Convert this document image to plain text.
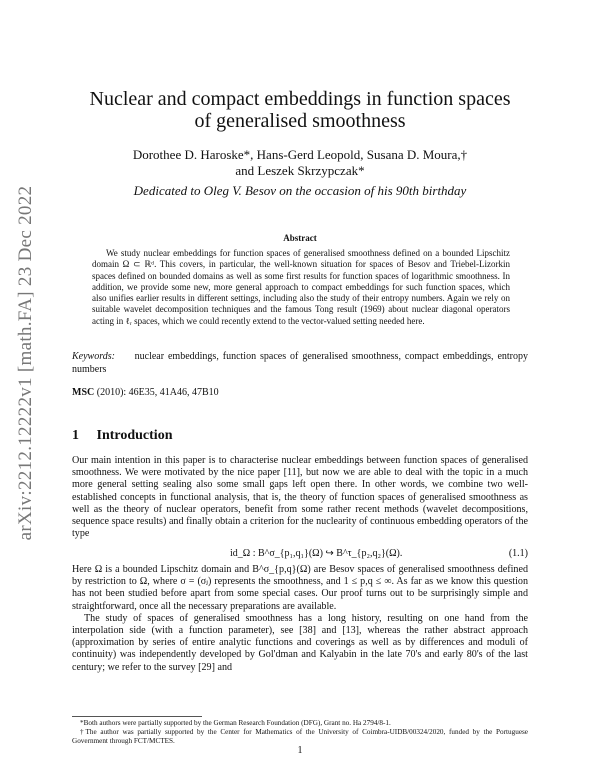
arXiv:2212.12222v1 [math.FA] 23 Dec 2022
Nuclear and compact embeddings in function spaces
of generalised smoothness
Dorothee D. Haroske*, Hans-Gerd Leopold, Susana D. Moura,†
and Leszek Skrzypczak*
Dedicated to Oleg V. Besov on the occasion of his 90th birthday
Abstract
We study nuclear embeddings for function spaces of generalised smoothness defined on a bounded Lipschitz domain Ω ⊂ ℝᵈ. This covers, in particular, the well-known situation for spaces of Besov and Triebel-Lizorkin spaces defined on bounded domains as well as some first results for function spaces of logarithmic smoothness. In addition, we provide some new, more general approach to compact embeddings for such function spaces, which also unifies earlier results in different settings, including also the study of their entropy numbers. Again we rely on suitable wavelet decomposition techniques and the famous Tong result (1969) about nuclear diagonal operators acting in ℓᵣ spaces, which we could recently extend to the vector-valued setting needed here.
Keywords: nuclear embeddings, function spaces of generalised smoothness, compact embeddings, entropy numbers
MSC (2010): 46E35, 41A46, 47B10
1 Introduction

Our main intention in this paper is to characterise nuclear embeddings between function spaces of generalised smoothness. We were motivated by the nice paper [11], but now we are able to deal with the topic in a much more general setting sealing also some small gaps left open there. In other words, we combine two well-established concepts in functional analysis, that is, the theory of function spaces of generalised smoothness as well as the theory of nuclear operators, benefit from some rather recent methods (wavelet decompositions, sequence space results) and finally obtain a criterion for the nuclearity of continuous embedding operators of the type

id_Ω : B^σ_{p₁,q₁}(Ω) ↪ B^τ_{p₂,q₂}(Ω).	(1.1)

Here Ω is a bounded Lipschitz domain and B^σ_{p,q}(Ω) are Besov spaces of generalised smoothness defined by restriction to Ω, where σ = (σⱼ) represents the smoothness, and 1 ≤ p,q ≤ ∞. As far as we know this question has not been studied before apart from some special cases. Our proof turns out to be surprisingly simple and straightforward, once all the necessary preparations are available.

The study of spaces of generalised smoothness has a long history, resulting on one hand from the interpolation side (with a function parameter), see [38] and [13], whereas the rather abstract approach (approximation by series of entire analytic functions and coverings as well as by differences and moduli of continuity) was independently developed by Gol'dman and Kalyabin in the late 70's and early 80's of the last century; we refer to the survey [29] and

*Both authors were partially supported by the German Research Foundation (DFG), Grant no. Ha 2794/8-1.
†The author was partially supported by the Center for Mathematics of the University of Coimbra-UIDB/00324/2020, funded by the Portuguese Government through FCT/MCTES.
1
